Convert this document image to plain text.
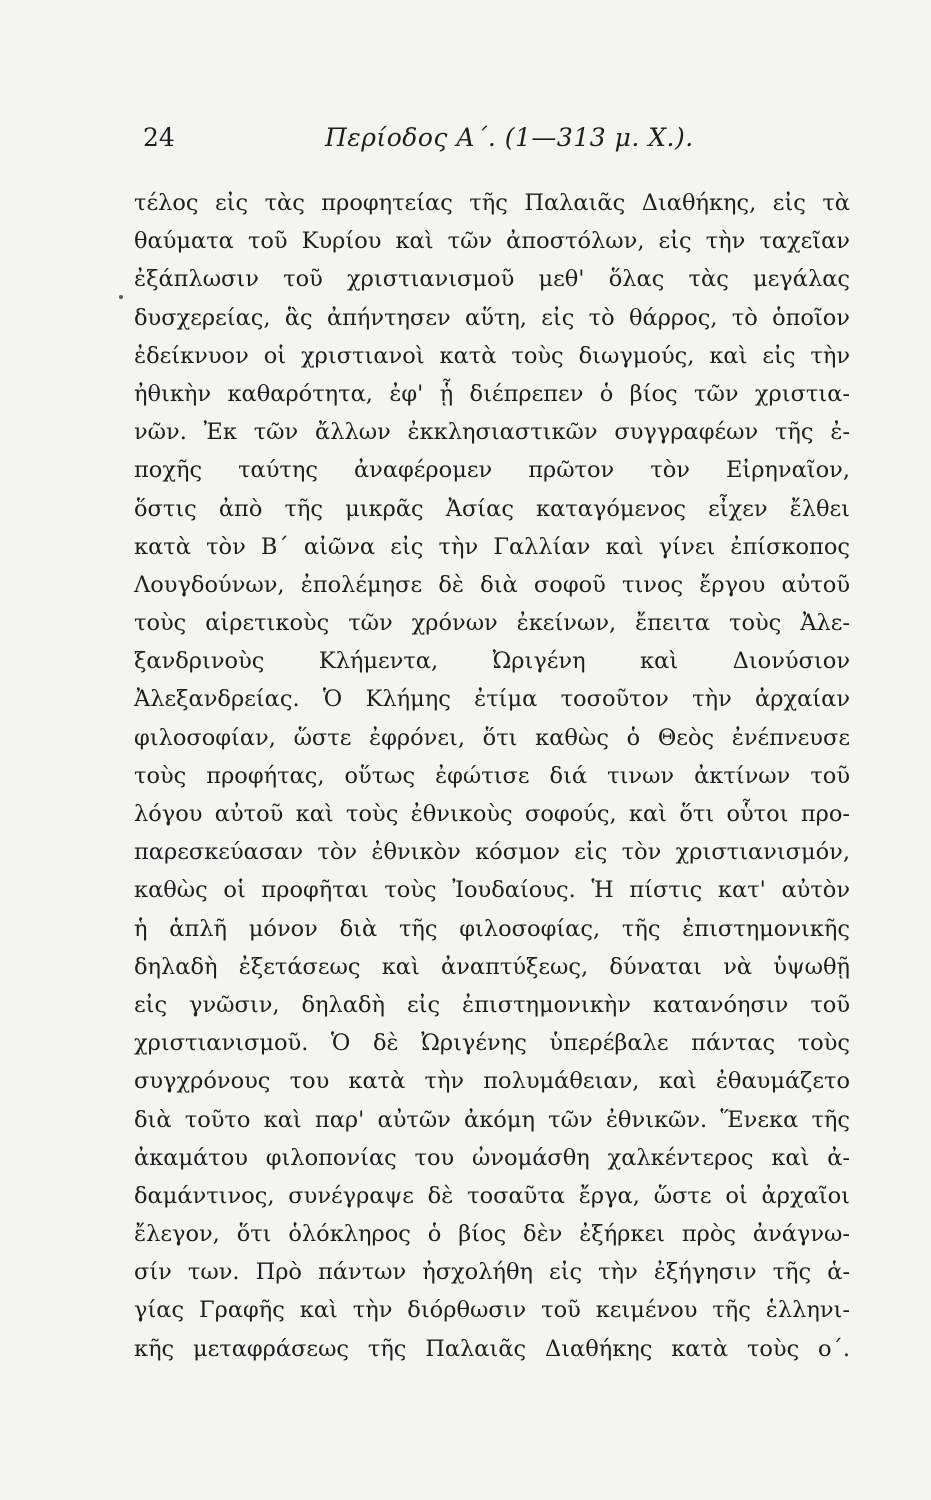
24	Περίοδος Α΄. (1—313 μ. Χ.).
τέλος εἰς τὰς προφητείας τῆς Παλαιᾶς Διαθήκης, εἰς τὰ
θαύματα τοῦ Κυρίου καὶ τῶν ἀποστόλων, εἰς τὴν ταχεῖαν
ἐξάπλωσιν τοῦ χριστιανισμοῦ μεθ' ὅλας τὰς μεγάλας
δυσχερείας, ἃς ἀπήντησεν αὕτη, εἰς τὸ θάρρος, τὸ ὁποῖον
ἐδείκνυον οἱ χριστιανοὶ κατὰ τοὺς διωγμούς, καὶ εἰς τὴν
ἠθικὴν καθαρότητα, ἐφ' ᾗ διέπρεπεν ὁ βίος τῶν χριστια-
νῶν. Ἐκ τῶν ἄλλων ἐκκλησιαστικῶν συγγραφέων τῆς ἐ-
ποχῆς ταύτης ἀναφέρομεν πρῶτον τὸν Εἰρηναῖον,
ὅστις ἀπὸ τῆς μικρᾶς Ἀσίας καταγόμενος εἶχεν ἔλθει
κατὰ τὸν Β΄ αἰῶνα εἰς τὴν Γαλλίαν καὶ γίνει ἐπίσκοπος
Λουγδούνων, ἐπολέμησε δὲ διὰ σοφοῦ τινος ἔργου αὐτοῦ
τοὺς αἱρετικοὺς τῶν χρόνων ἐκείνων, ἔπειτα τοὺς Ἀλε-
ξανδρινοὺς Κλήμεντα, Ὠριγένη καὶ Διονύσιον
Ἀλεξανδρείας. Ὁ Κλήμης ἐτίμα τοσοῦτον τὴν ἀρχαίαν
φιλοσοφίαν, ὥστε ἐφρόνει, ὅτι καθὼς ὁ Θεὸς ἐνέπνευσε
τοὺς προφήτας, οὕτως ἐφώτισε διά τινων ἀκτίνων τοῦ
λόγου αὐτοῦ καὶ τοὺς ἐθνικοὺς σοφούς, καὶ ὅτι οὗτοι προ-
παρεσκεύασαν τὸν ἐθνικὸν κόσμον εἰς τὸν χριστιανισμόν,
καθὼς οἱ προφῆται τοὺς Ἰουδαίους. Ἡ πίστις κατ' αὐτὸν
ἡ ἁπλῆ μόνον διὰ τῆς φιλοσοφίας, τῆς ἐπιστημονικῆς
δηλαδὴ ἐξετάσεως καὶ ἀναπτύξεως, δύναται νὰ ὑψωθῇ
εἰς γνῶσιν, δηλαδὴ εἰς ἐπιστημονικὴν κατανόησιν τοῦ
χριστιανισμοῦ. Ὁ δὲ Ὠριγένης ὑπερέβαλε πάντας τοὺς
συγχρόνους του κατὰ τὴν πολυμάθειαν, καὶ ἐθαυμάζετο
διὰ τοῦτο καὶ παρ' αὐτῶν ἀκόμη τῶν ἐθνικῶν. Ἕνεκα τῆς
ἀκαμάτου φιλοπονίας του ὠνομάσθη χαλκέντερος καὶ ἀ-
δαμάντινος, συνέγραψε δὲ τοσαῦτα ἔργα, ὥστε οἱ ἀρχαῖοι
ἔλεγον, ὅτι ὁλόκληρος ὁ βίος δὲν ἐξήρκει πρὸς ἀνάγνω-
σίν των. Πρὸ πάντων ἠσχολήθη εἰς τὴν ἐξήγησιν τῆς ἁ-
γίας Γραφῆς καὶ τὴν διόρθωσιν τοῦ κειμένου τῆς ἑλληνι-
κῆς μεταφράσεως τῆς Παλαιᾶς Διαθήκης κατὰ τοὺς ο΄.
